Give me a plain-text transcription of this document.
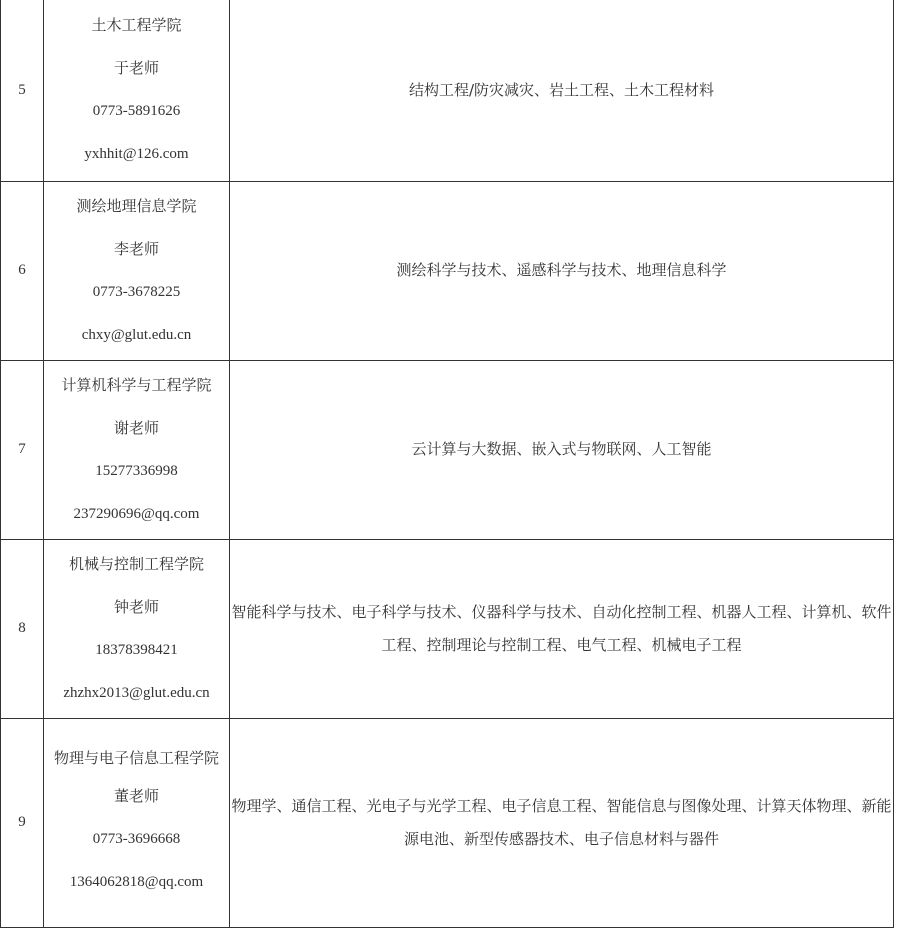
5	土木工程学院
于老师
0773-5891626
yxhhit@126.com	结构工程/防灾减灾、岩土工程、土木工程材料

6	测绘地理信息学院
李老师
0773-3678225
chxy@glut.edu.cn	测绘科学与技术、遥感科学与技术、地理信息科学

7	计算机科学与工程学院
谢老师
15277336998
237290696@qq.com	云计算与大数据、嵌入式与物联网、人工智能

8	机械与控制工程学院
钟老师
18378398421
zhzhx2013@glut.edu.cn	智能科学与技术、电子科学与技术、仪器科学与技术、自动化控制工程、机器人工程、计算机、软件工程、控制理论与控制工程、电气工程、机械电子工程

9	物理与电子信息工程学院
董老师
0773-3696668
1364062818@qq.com	物理学、通信工程、光电子与光学工程、电子信息工程、智能信息与图像处理、计算天体物理、新能源电池、新型传感器技术、电子信息材料与器件
